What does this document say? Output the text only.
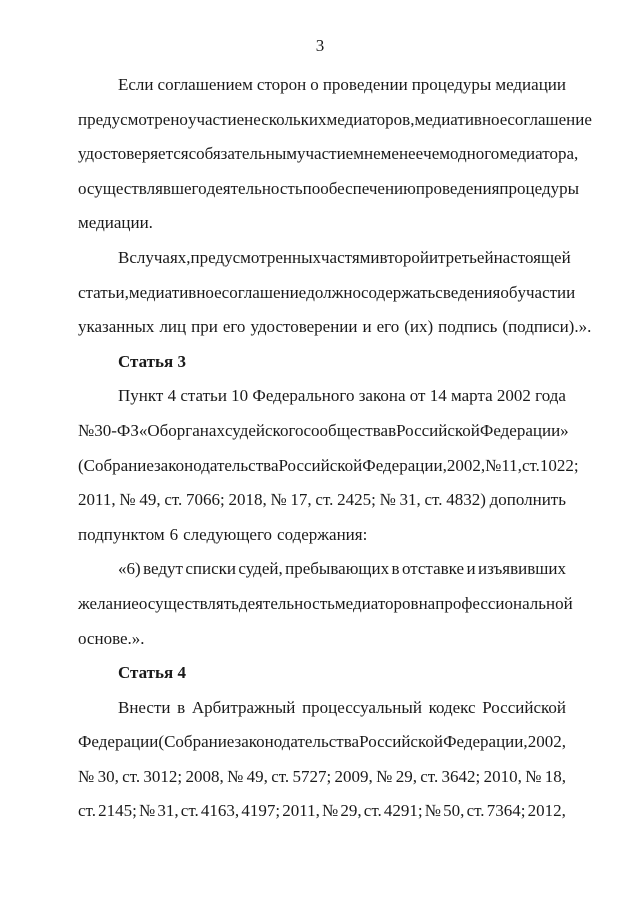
3
Если соглашением сторон о проведении процедуры медиации
предусмотрено участие нескольких медиаторов, медиативное соглашение
удостоверяется с обязательным участием не менее чем одного медиатора,
осуществлявшего деятельность по обеспечению проведения процедуры
медиации.
В случаях, предусмотренных частями второй и третьей настоящей
статьи, медиативное соглашение должно содержать сведения об участии
указанных лиц при его удостоверении и его (их) подпись (подписи).».
Статья 3
Пункт 4 статьи 10 Федерального закона от 14 марта 2002 года
№ 30-ФЗ «Об органах судейского сообщества в Российской Федерации»
(Собрание законодательства Российской Федерации, 2002, № 11, ст. 1022;
2011, № 49, ст. 7066; 2018, № 17, ст. 2425; № 31, ст. 4832) дополнить
подпунктом 6 следующего содержания:
«6) ведут списки судей, пребывающих в отставке и изъявивших
желание осуществлять деятельность медиаторов на профессиональной
основе.».
Статья 4
Внести в Арбитражный процессуальный кодекс Российской
Федерации (Собрание законодательства Российской Федерации, 2002,
№ 30, ст. 3012; 2008, № 49, ст. 5727; 2009, № 29, ст. 3642; 2010, № 18,
ст. 2145; № 31, ст. 4163, 4197; 2011, № 29, ст. 4291; № 50, ст. 7364; 2012,
